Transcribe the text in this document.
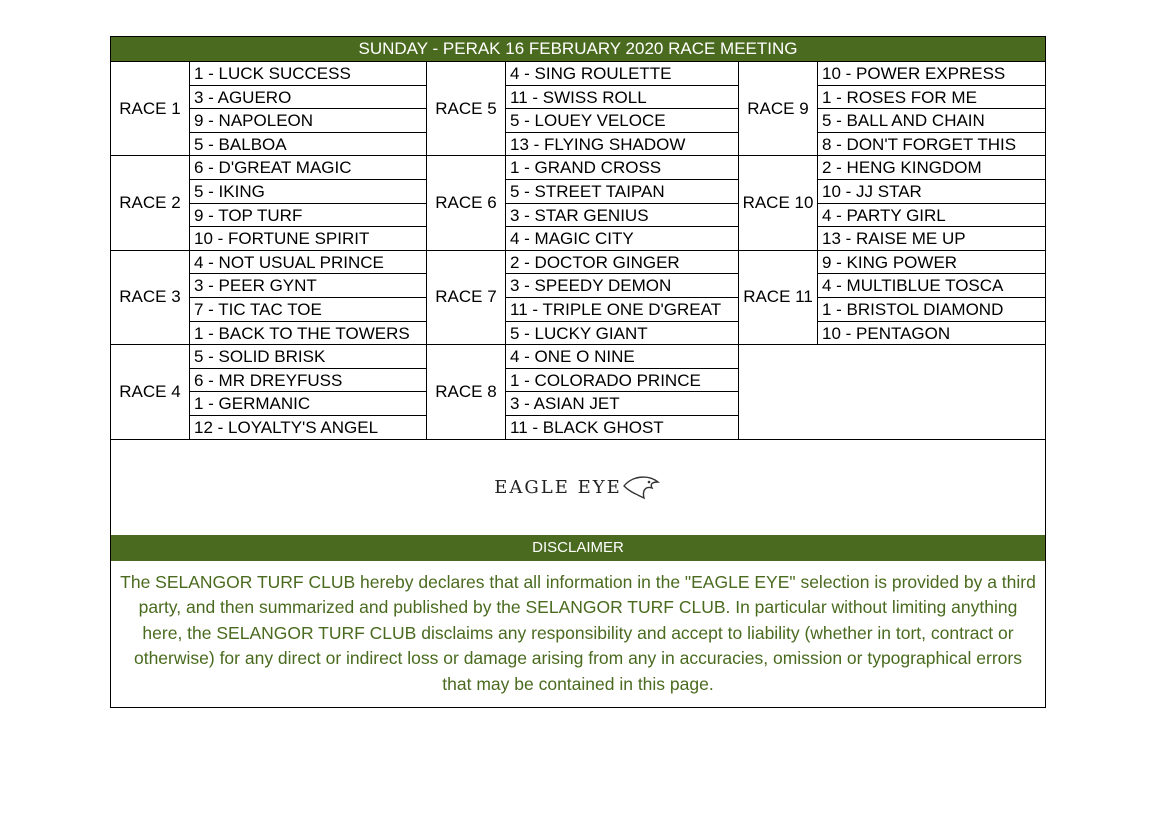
SUNDAY - PERAK 16 FEBRUARY 2020 RACE MEETING
RACE 1
1 - LUCK SUCCESS
3 - AGUERO
9 - NAPOLEON
5 - BALBOA
RACE 2
6 - D'GREAT MAGIC
5 - IKING
9 - TOP TURF
10 - FORTUNE SPIRIT
RACE 3
4 - NOT USUAL PRINCE
3 - PEER GYNT
7 - TIC TAC TOE
1 - BACK TO THE TOWERS
RACE 4
5 - SOLID BRISK
6 - MR DREYFUSS
1 - GERMANIC
12 - LOYALTY'S ANGEL
RACE 5
4 - SING ROULETTE
11 - SWISS ROLL
5 - LOUEY VELOCE
13 - FLYING SHADOW
RACE 6
1 - GRAND CROSS
5 - STREET TAIPAN
3 - STAR GENIUS
4 - MAGIC CITY
RACE 7
2 - DOCTOR GINGER
3 - SPEEDY DEMON
11 - TRIPLE ONE D'GREAT
5 - LUCKY GIANT
RACE 8
4 - ONE O NINE
1 - COLORADO PRINCE
3 - ASIAN JET
11 - BLACK GHOST
RACE 9
10 - POWER EXPRESS
1 - ROSES FOR ME
5 - BALL AND CHAIN
8 - DON'T FORGET THIS
RACE 10
2 - HENG KINGDOM
10 - JJ STAR
4 - PARTY GIRL
13 - RAISE ME UP
RACE 11
9 - KING POWER
4 - MULTIBLUE TOSCA
1 - BRISTOL DIAMOND
10 - PENTAGON
EAGLE EYE
DISCLAIMER
The SELANGOR TURF CLUB hereby declares that all information in the "EAGLE EYE" selection is provided by a third party, and then summarized and published by the SELANGOR TURF CLUB. In particular without limiting anything here, the SELANGOR TURF CLUB disclaims any responsibility and accept to liability (whether in tort, contract or otherwise) for any direct or indirect loss or damage arising from any in accuracies, omission or typographical errors that may be contained in this page.
